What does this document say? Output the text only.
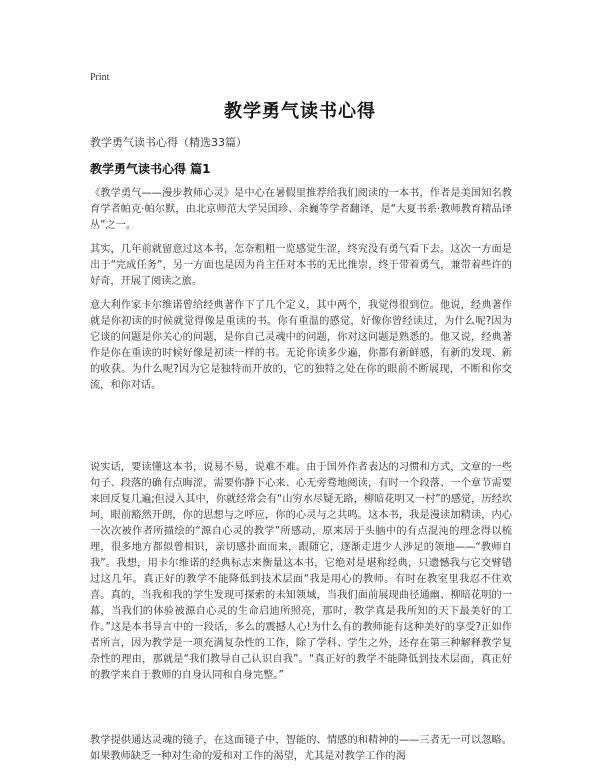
Print
教学勇气读书心得
教学勇气读书心得（精选33篇）
教学勇气读书心得 篇1
《教学勇气——漫步教师心灵》是中心在暑假里推荐给我们阅读的一本书，作者是美国知名教育学者帕克·帕尔默，由北京师范大学吴国珍、余巍等学者翻译，是“大夏书系·教师教育精品译丛”之一。
其实，几年前就留意过这本书，怎奈粗粗一览感觉生涩，终究没有勇气看下去。这次一方面是出于“完成任务”，另一方面也是因为肖主任对本书的无比推崇，终于带着勇气，兼带着些许的好奇，开展了阅读之旅。
意大利作家卡尔维诺曾给经典著作下了几个定义，其中两个，我觉得很到位。他说，经典著作就是你初读的时候就觉得像是重读的书。你有重温的感觉，好像你曾经读过，为什么呢?因为它谈的问题是你关心的问题，是你自己灵魂中的问题，你对这问题是熟悉的。他又说，经典著作是你在重读的时候好像是初读一样的书。无论你读多少遍，你都有新鲜感，有新的发现、新的收获。为什么呢?因为它是独特而开放的，它的独特之处在你的眼前不断展现，不断和你交流，和你对话。
说实话，要读懂这本书，说易不易，说难不难。由于国外作者表达的习惯和方式，文章的一些句子、段落的确有点晦涩，需要你静下心来、心无旁骛地阅读，有时一个段落、一个章节需要来回反复几遍;但浸入其中，你就经常会有“山穷水尽疑无路，柳暗花明又一村”的感觉，历经坎坷，眼前豁然开朗，你的思想与之呼应，你的心灵与之共鸣。这本书，我是漫读加精读，内心一次次被作者所描绘的“源自心灵的教学”所感动，原来居于头脑中的有点混沌的理念得以梳理，很多地方都似曾相识，亲切感扑面而来，跟随它，逐渐走进少人涉足的领地——“教师自我”。我想，用卡尔维诺的经典标志来衡量这本书，它绝对是堪称经典，只遗憾我与它交臂错过这几年。真正好的教学不能降低到技术层面“我是用心的教师。有时在教室里我忍不住欢喜。真的，当我和我的学生发现可探索的未知领域，当我们面前展现曲径通幽、柳暗花明的一幕，当我们的体验被源自心灵的生命启迪所照亮，那时，教学真是我所知的天下最美好的工作。”这是本书导言中的一段话，多么的震撼人心!为什么有的教师能有这种美好的享受?正如作者所言，因为教学是一项充满复杂性的工作，除了学科、学生之外，还存在第三种解释教学复杂性的理由，那就是“我们教导自己认识自我”。“真正好的教学不能降低到技术层面，真正好的教学来自于教师的自身认同和自身完整。”
教学提供通达灵魂的镜子，在这面镜子中，智能的、情感的和精神的——三者无一可以忽略。如果教师缺乏一种对生命的爱和对工作的渴望，尤其是对教学工作的渴
